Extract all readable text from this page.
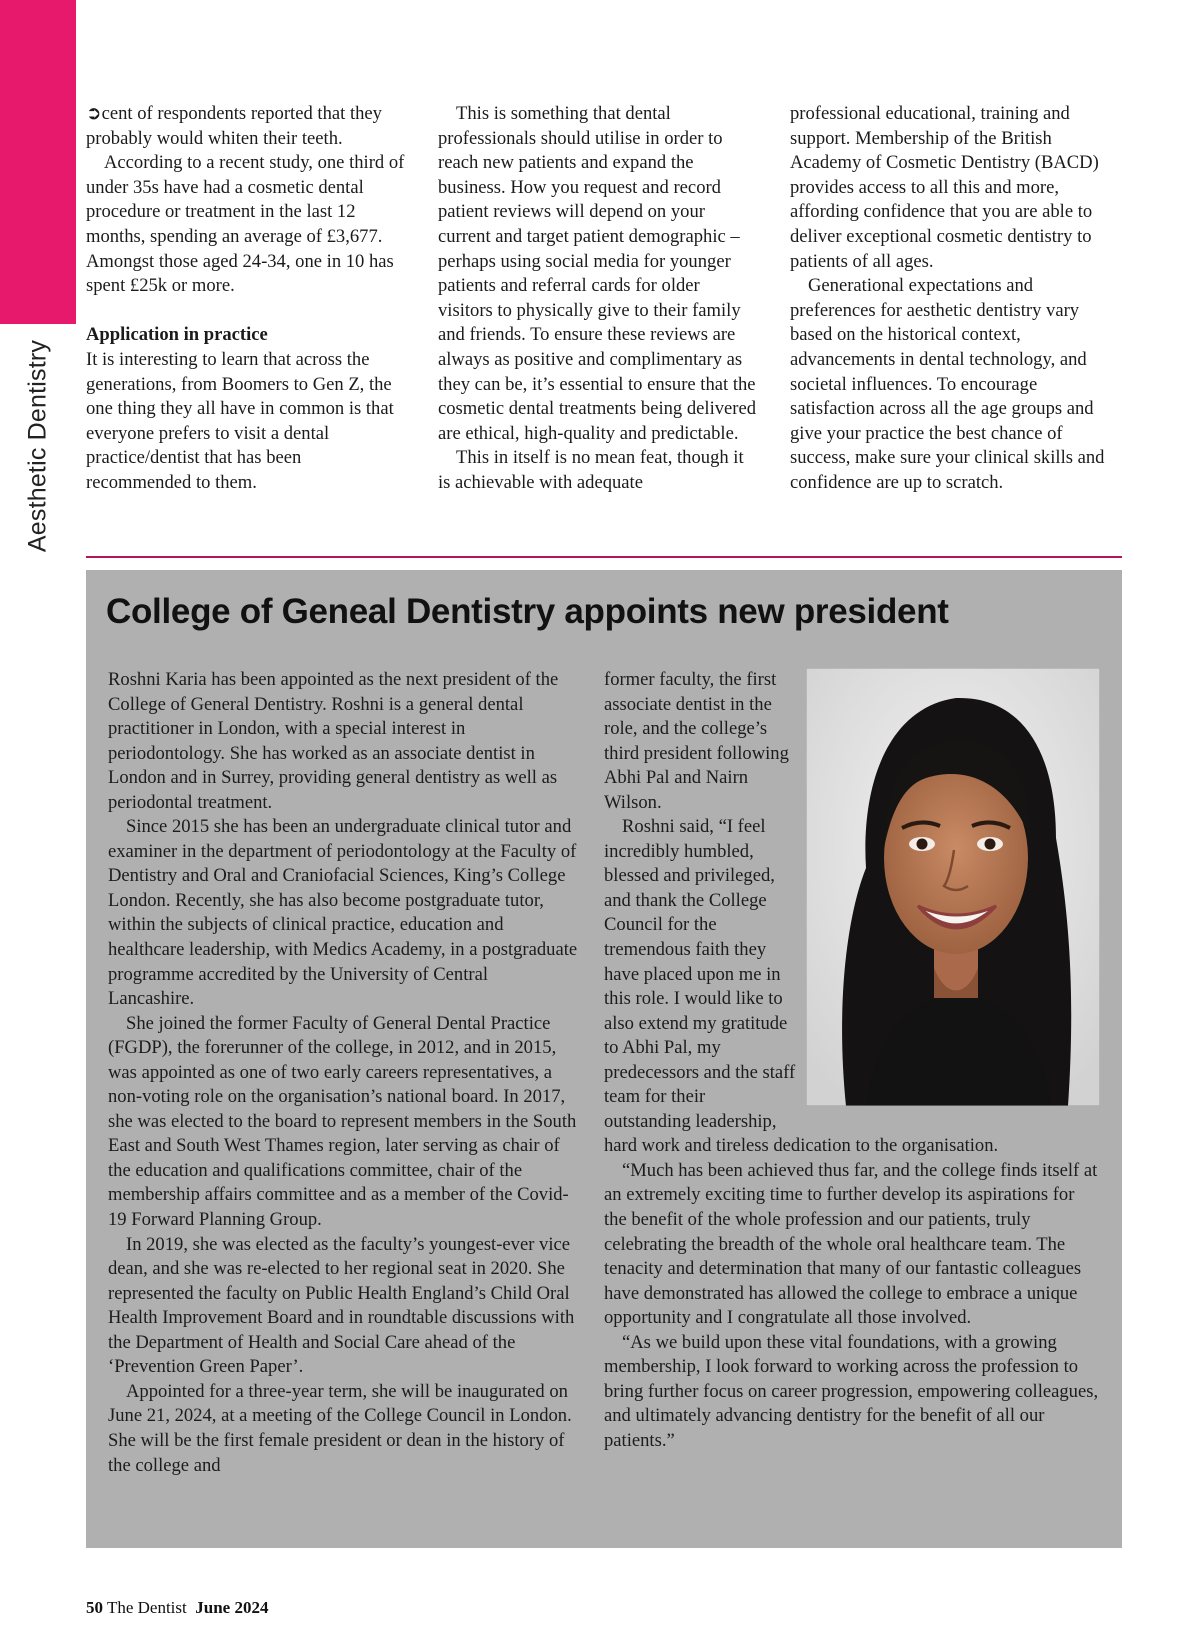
Aesthetic Dentistry

➲cent of respondents reported that they probably would whiten their teeth.

According to a recent study, one third of under 35s have had a cosmetic dental procedure or treatment in the last 12 months, spending an average of £3,677. Amongst those aged 24-34, one in 10 has spent £25k or more.

Application in practice

It is interesting to learn that across the generations, from Boomers to Gen Z, the one thing they all have in common is that everyone prefers to visit a dental practice/dentist that has been recommended to them.

This is something that dental professionals should utilise in order to reach new patients and expand the business. How you request and record patient reviews will depend on your current and target patient demographic – perhaps using social media for younger patients and referral cards for older visitors to physically give to their family and friends. To ensure these reviews are always as positive and complimentary as they can be, it’s essential to ensure that the cosmetic dental treatments being delivered are ethical, high-quality and predictable.

This in itself is no mean feat, though it is achievable with adequate

professional educational, training and support. Membership of the British Academy of Cosmetic Dentistry (BACD) provides access to all this and more, affording confidence that you are able to deliver exceptional cosmetic dentistry to patients of all ages.

Generational expectations and preferences for aesthetic dentistry vary based on the historical context, advancements in dental technology, and societal influences. To encourage satisfaction across all the age groups and give your practice the best chance of success, make sure your clinical skills and confidence are up to scratch.

College of Geneal Dentistry appoints new president

Roshni Karia has been appointed as the next president of the College of General Dentistry. Roshni is a general dental practitioner in London, with a special interest in periodontology. She has worked as an associate dentist in London and in Surrey, providing general dentistry as well as periodontal treatment.

Since 2015 she has been an undergraduate clinical tutor and examiner in the department of periodontology at the Faculty of Dentistry and Oral and Craniofacial Sciences, King’s College London. Recently, she has also become postgraduate tutor, within the subjects of clinical practice, education and healthcare leadership, with Medics Academy, in a postgraduate programme accredited by the University of Central Lancashire.

She joined the former Faculty of General Dental Practice (FGDP), the forerunner of the college, in 2012, and in 2015, was appointed as one of two early careers representatives, a non-voting role on the organisation’s national board. In 2017, she was elected to the board to represent members in the South East and South West Thames region, later serving as chair of the education and qualifications committee, chair of the membership affairs committee and as a member of the Covid-19 Forward Planning Group.

In 2019, she was elected as the faculty’s youngest-ever vice dean, and she was re-elected to her regional seat in 2020. She represented the faculty on Public Health England’s Child Oral Health Improvement Board and in roundtable discussions with the Department of Health and Social Care ahead of the ‘Prevention Green Paper’.

Appointed for a three-year term, she will be inaugurated on June 21, 2024, at a meeting of the College Council in London. She will be the first female president or dean in the history of the college and

former faculty, the first associate dentist in the role, and the college’s third president following Abhi Pal and Nairn Wilson.

Roshni said, “I feel incredibly humbled, blessed and privileged, and thank the College Council for the tremendous faith they have placed upon me in this role. I would like to also extend my gratitude to Abhi Pal, my predecessors and the staff team for their outstanding leadership, hard work and tireless dedication to the organisation.

“Much has been achieved thus far, and the college finds itself at an extremely exciting time to further develop its aspirations for the benefit of the whole profession and our patients, truly celebrating the breadth of the whole oral healthcare team. The tenacity and determination that many of our fantastic colleagues have demonstrated has allowed the college to embrace a unique opportunity and I congratulate all those involved.

“As we build upon these vital foundations, with a growing membership, I look forward to working across the profession to bring further focus on career progression, empowering colleagues, and ultimately advancing dentistry for the benefit of all our patients.”

50 The Dentist June 2024
